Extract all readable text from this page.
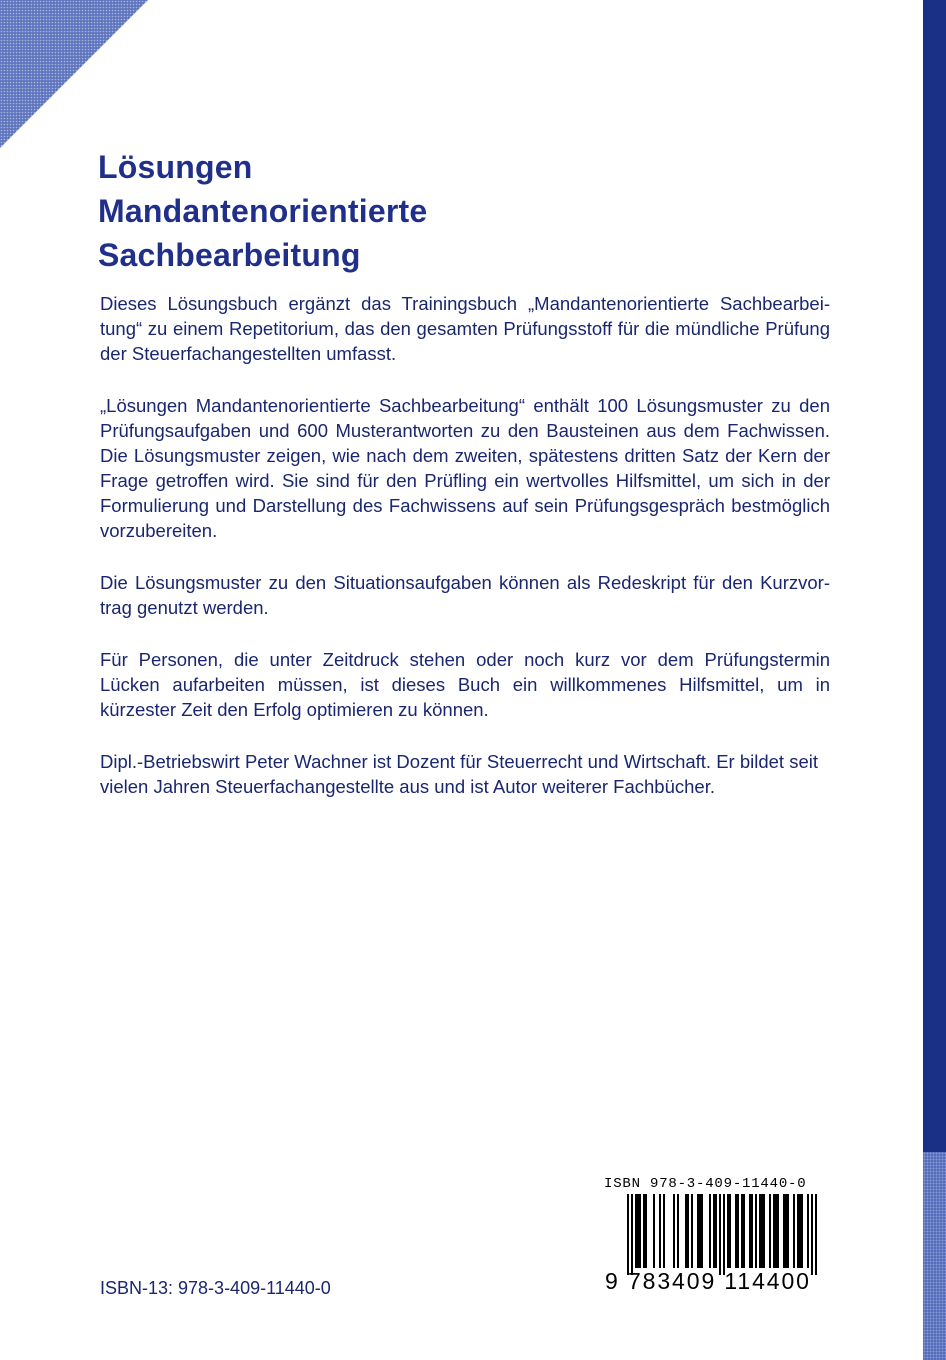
Lösungen
Mandantenorientierte
Sachbearbeitung

Dieses Lösungsbuch ergänzt das Trainingsbuch „Mandantenorientierte Sachbearbeitung“ zu einem Repetitorium, das den gesamten Prüfungsstoff für die mündliche Prüfung der Steuerfachangestellten umfasst.

„Lösungen Mandantenorientierte Sachbearbeitung“ enthält 100 Lösungsmuster zu den Prüfungsaufgaben und 600 Musterantworten zu den Bausteinen aus dem Fachwissen. Die Lösungsmuster zeigen, wie nach dem zweiten, spätestens dritten Satz der Kern der Frage getroffen wird. Sie sind für den Prüfling ein wertvolles Hilfsmittel, um sich in der Formulierung und Darstellung des Fachwissens auf sein Prüfungsgespräch bestmöglich vorzubereiten.

Die Lösungsmuster zu den Situationsaufgaben können als Redeskript für den Kurzvortrag genutzt werden.

Für Personen, die unter Zeitdruck stehen oder noch kurz vor dem Prüfungstermin Lücken aufarbeiten müssen, ist dieses Buch ein willkommenes Hilfsmittel, um in kürzester Zeit den Erfolg optimieren zu können.

Dipl.-Betriebswirt Peter Wachner ist Dozent für Steuerrecht und Wirtschaft. Er bildet seit vielen Jahren Steuerfachangestellte aus und ist Autor weiterer Fachbücher.

ISBN-13: 978-3-409-11440-0
ISBN 978-3-409-11440-0
9 783409 114400
